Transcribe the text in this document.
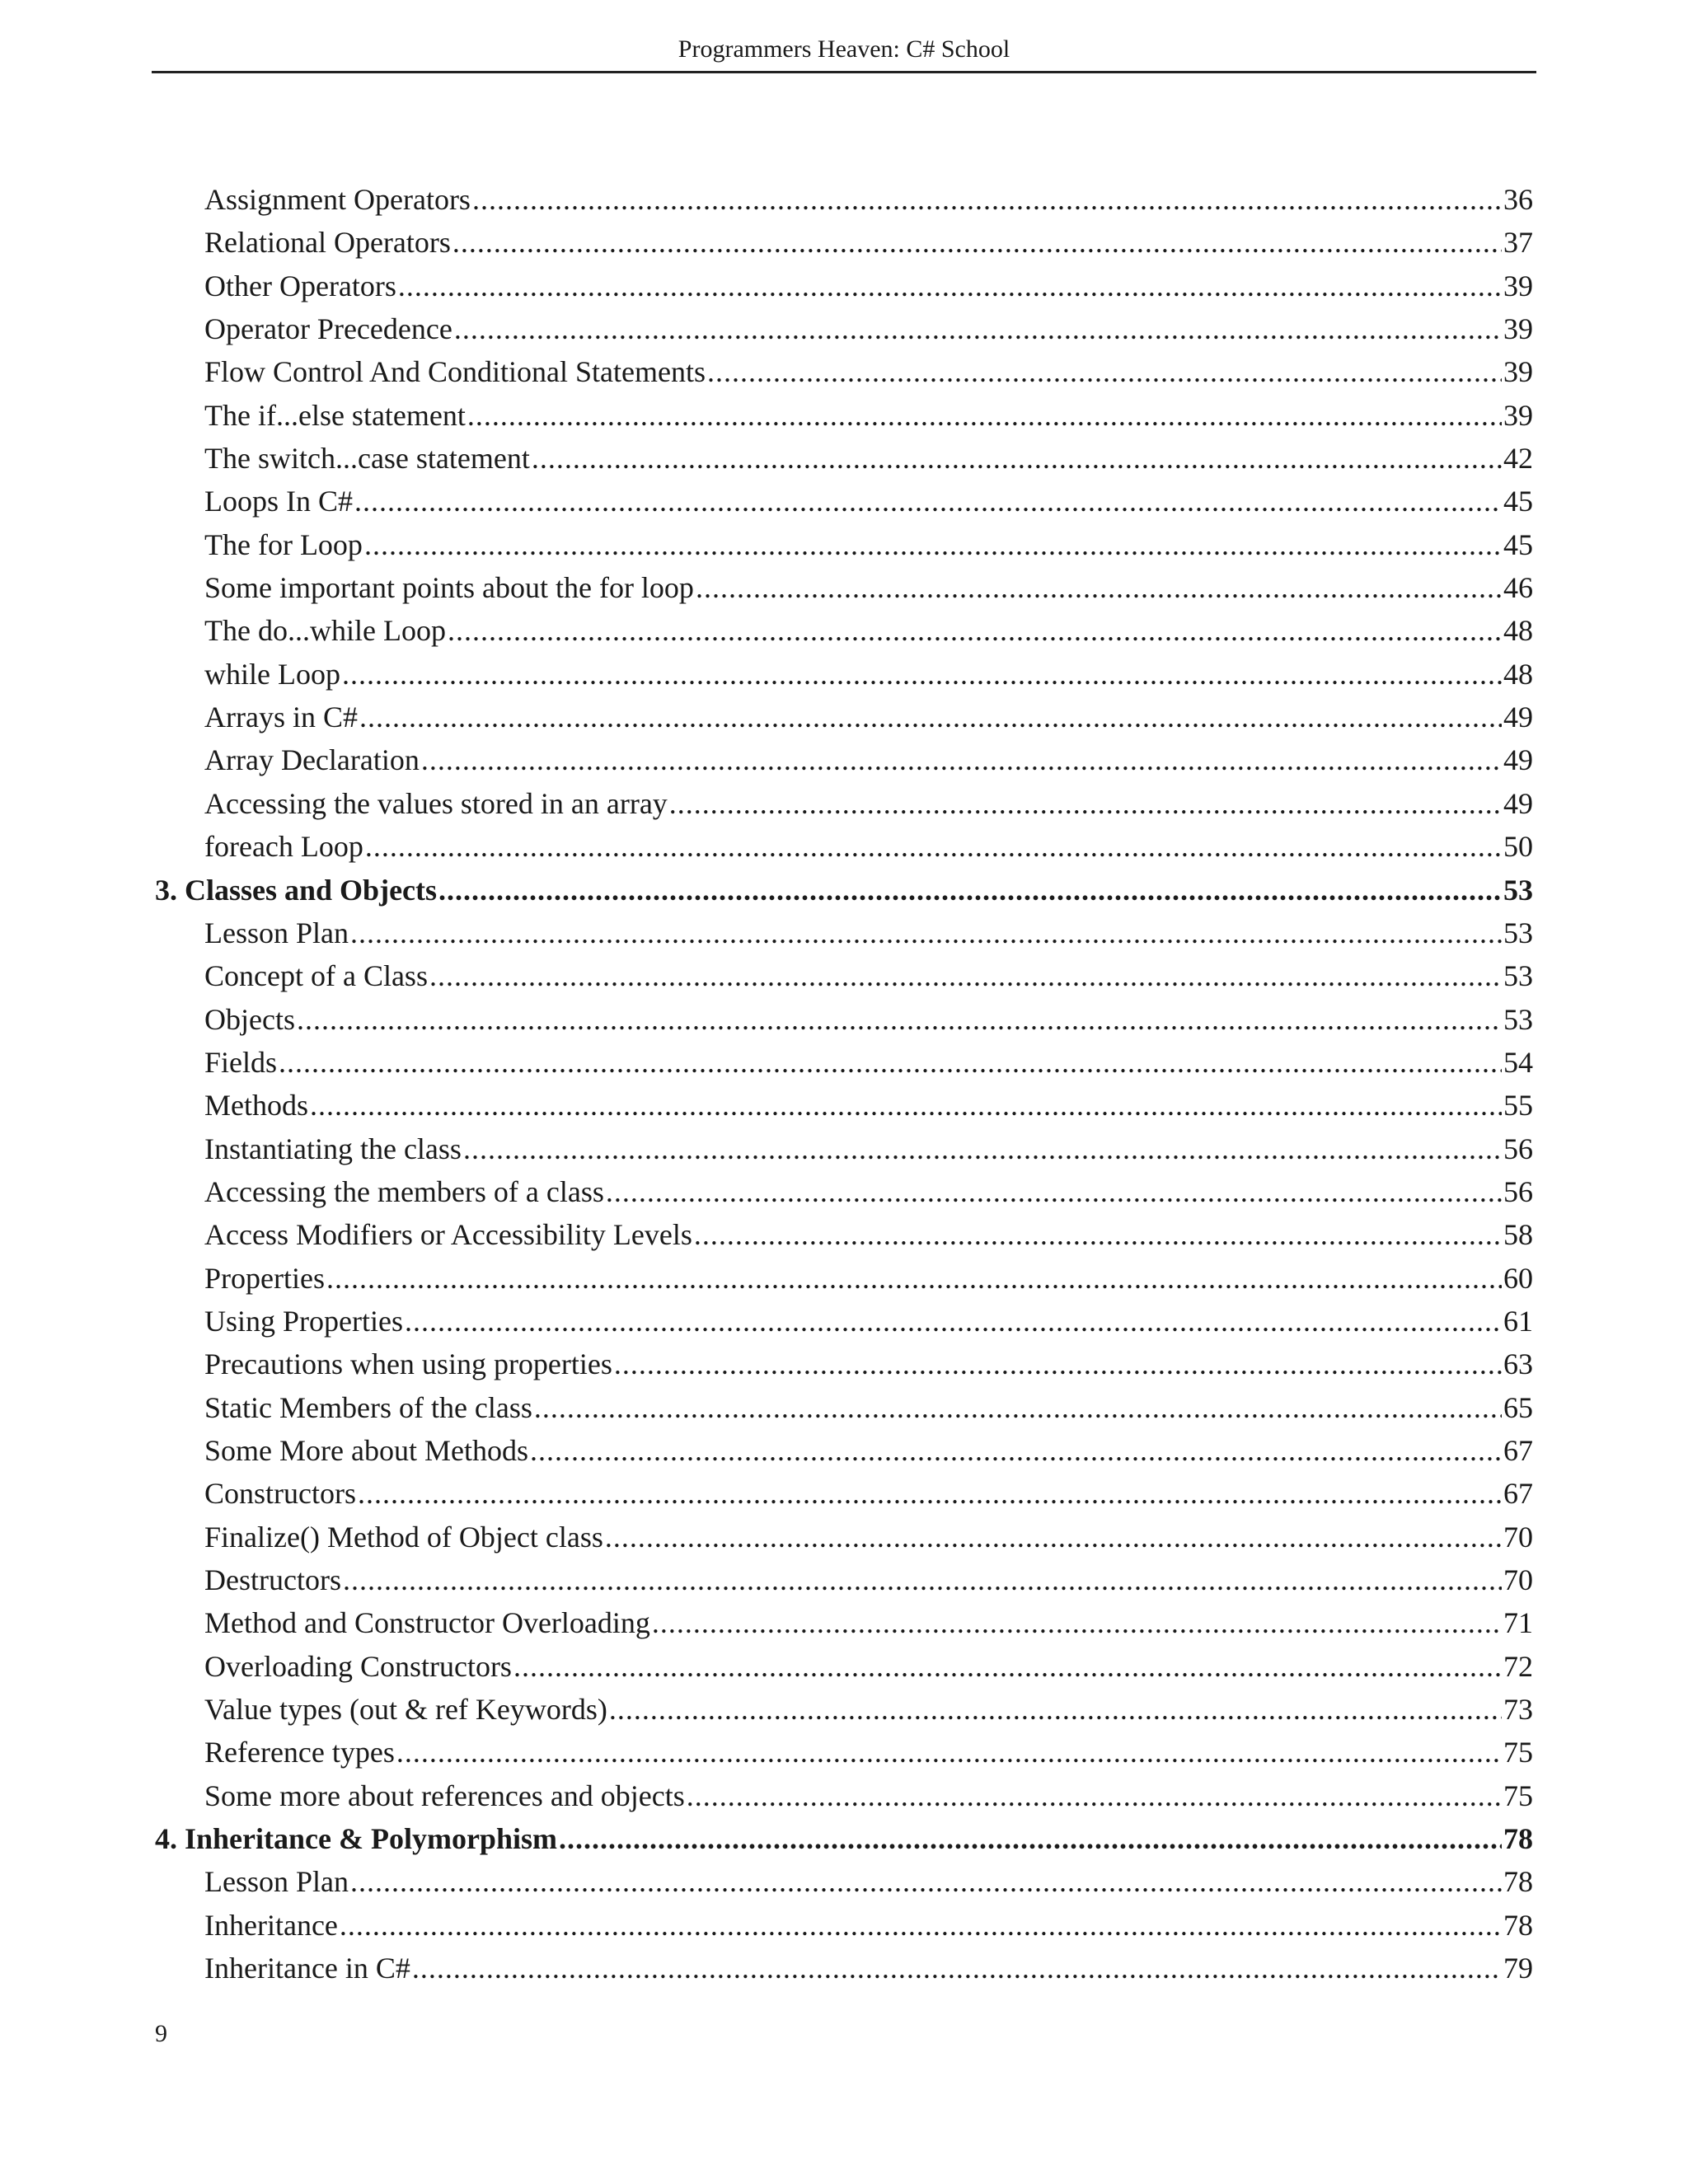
Programmers Heaven: C# School
Assignment Operators .....	36
Relational Operators .....	37
Other Operators .....	39
Operator Precedence .....	39
Flow Control And Conditional Statements .....	39
The if...else statement .....	39
The switch...case statement .....	42
Loops In C# .....	45
The for Loop .....	45
Some important points about the for loop .....	46
The do...while Loop .....	48
while Loop .....	48
Arrays in C# .....	49
Array Declaration .....	49
Accessing the values stored in an array .....	49
foreach Loop .....	50
3. Classes and Objects .....	53
Lesson Plan .....	53
Concept of a Class .....	53
Objects .....	53
Fields .....	54
Methods .....	55
Instantiating the class .....	56
Accessing the members of a class .....	56
Access Modifiers or Accessibility Levels .....	58
Properties .....	60
Using Properties .....	61
Precautions when using properties .....	63
Static Members of the class .....	65
Some More about Methods .....	67
Constructors .....	67
Finalize() Method of Object class .....	70
Destructors .....	70
Method and Constructor Overloading .....	71
Overloading Constructors .....	72
Value types (out & ref Keywords) .....	73
Reference types .....	75
Some more about references and objects .....	75
4. Inheritance & Polymorphism .....	78
Lesson Plan .....	78
Inheritance .....	78
Inheritance in C# .....	79
9
